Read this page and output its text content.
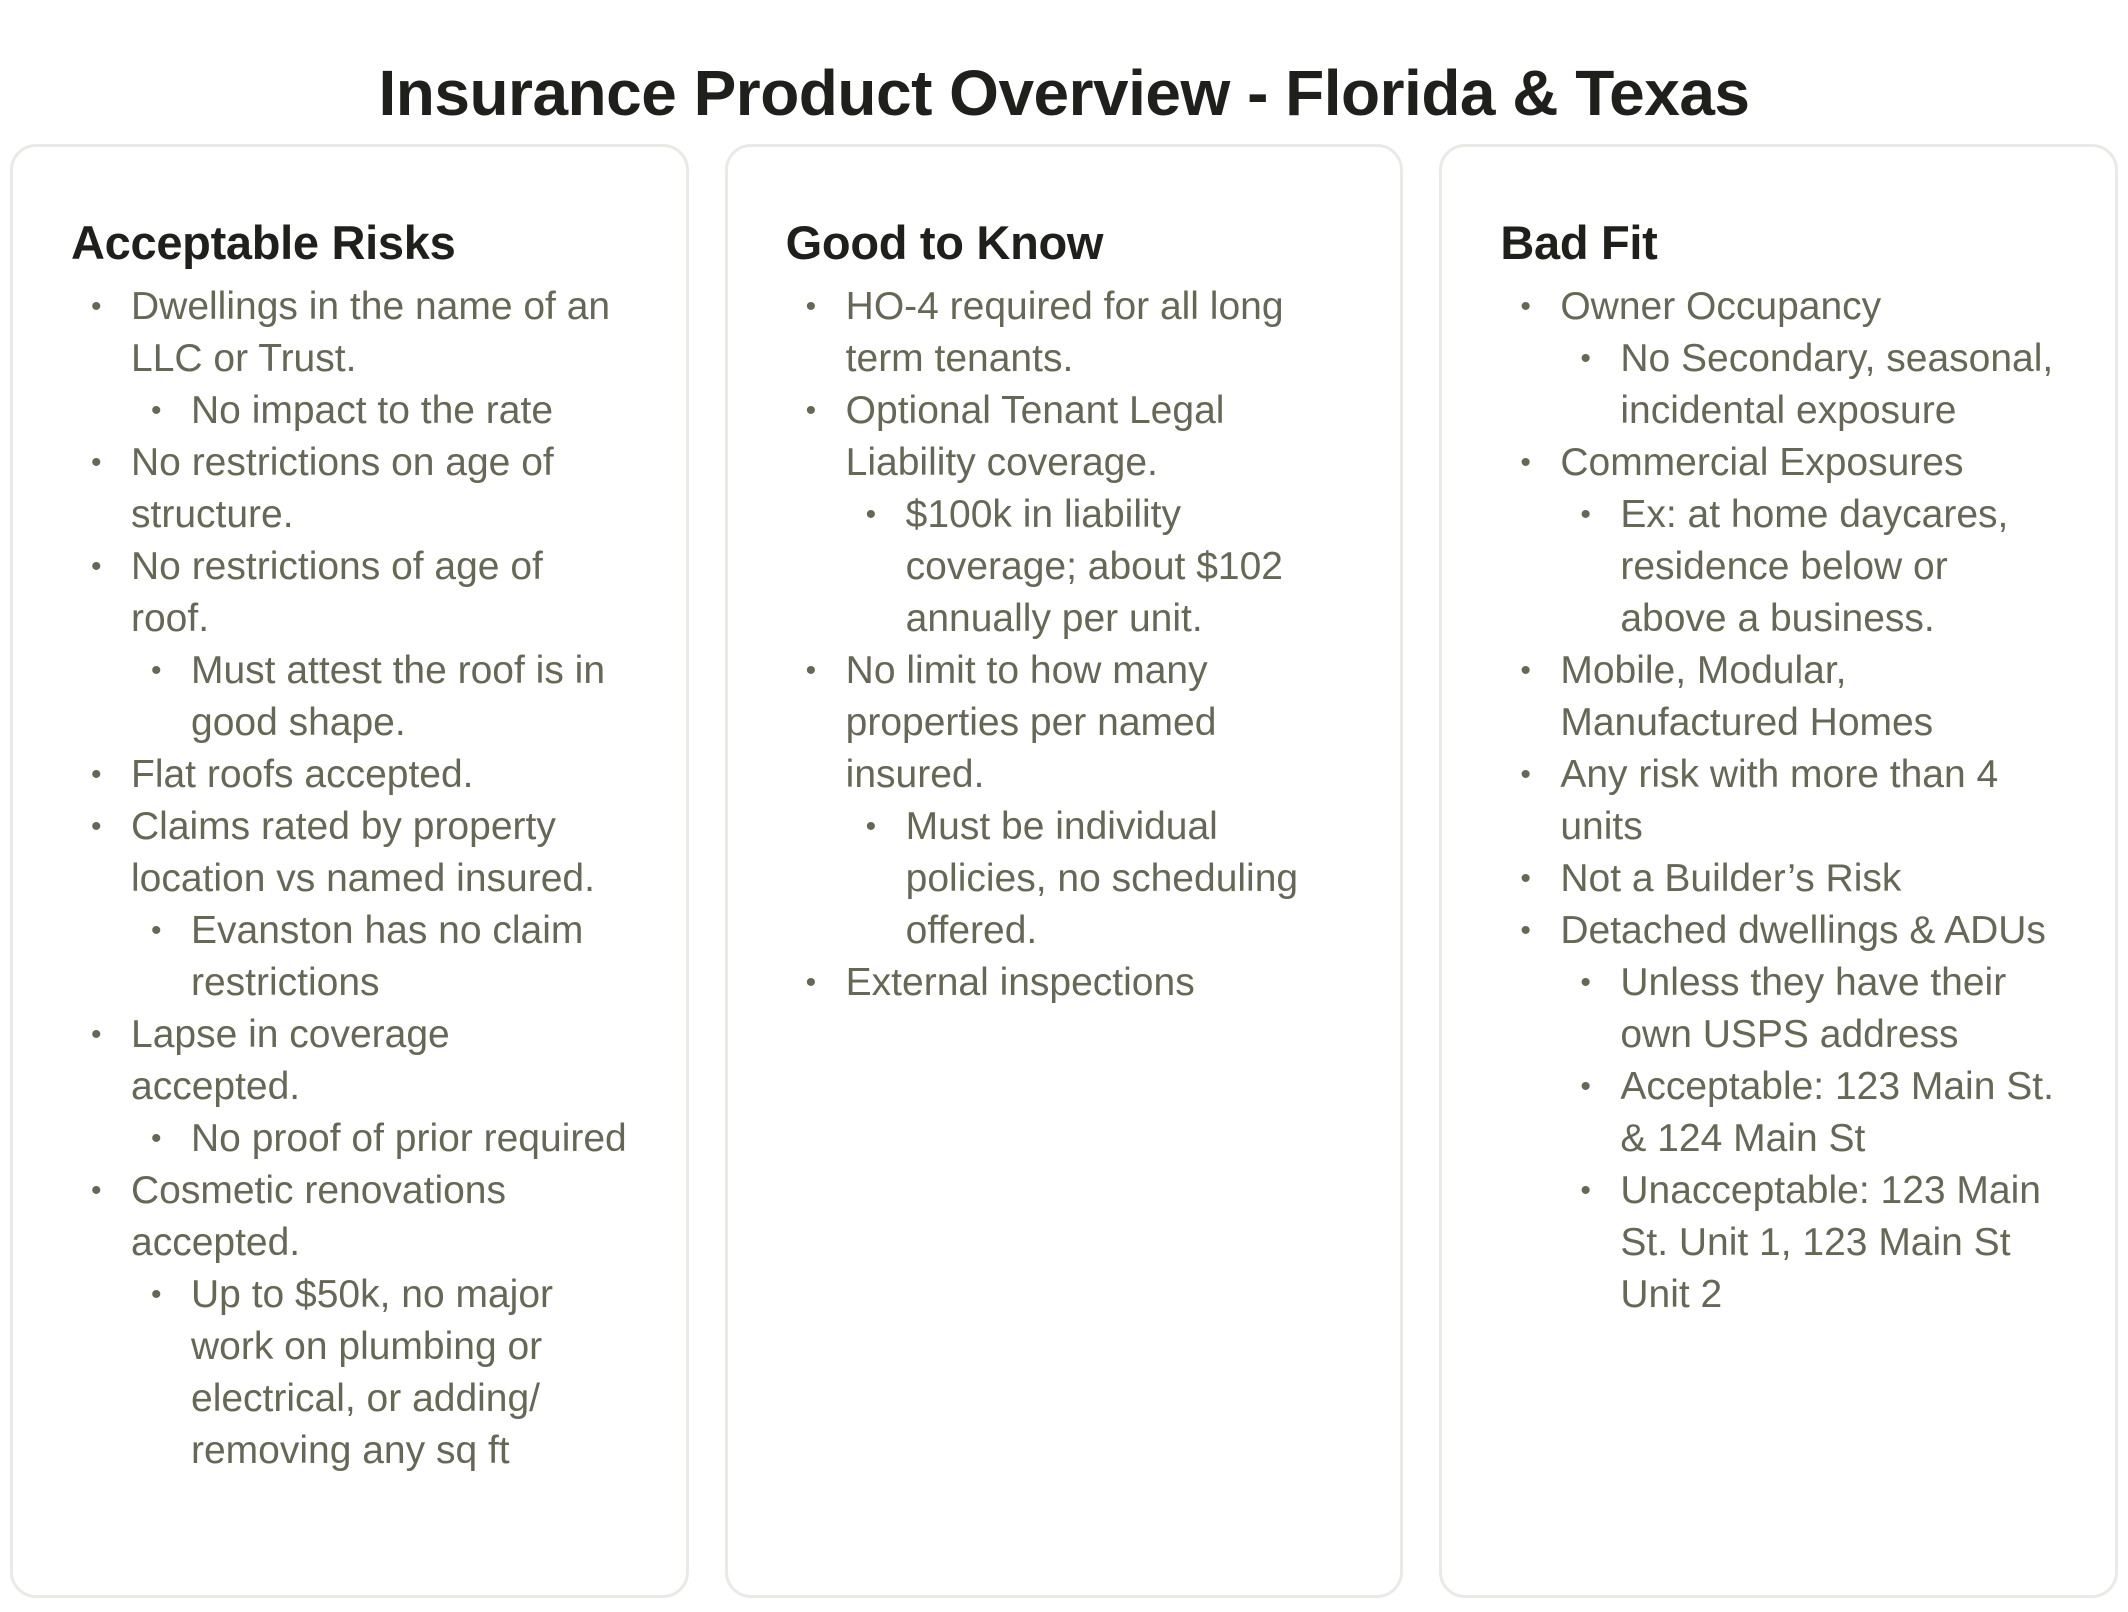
Insurance Product Overview - Florida & Texas
Acceptable Risks
• Dwellings in the name of an LLC or Trust.
• No impact to the rate
• No restrictions on age of structure.
• No restrictions of age of roof.
• Must attest the roof is in good shape.
• Flat roofs accepted.
• Claims rated by property location vs named insured.
• Evanston has no claim restrictions
• Lapse in coverage accepted.
• No proof of prior required
• Cosmetic renovations accepted.
• Up to $50k, no major work on plumbing or electrical, or adding/ removing any sq ft
Good to Know
• HO-4 required for all long term tenants.
• Optional Tenant Legal Liability coverage.
• $100k in liability coverage; about $102 annually per unit.
• No limit to how many properties per named insured.
• Must be individual policies, no scheduling offered.
• External inspections
Bad Fit
• Owner Occupancy
• No Secondary, seasonal, incidental exposure
• Commercial Exposures
• Ex: at home daycares, residence below or above a business.
• Mobile, Modular, Manufactured Homes
• Any risk with more than 4 units
• Not a Builder’s Risk
• Detached dwellings & ADUs
• Unless they have their own USPS address
• Acceptable: 123 Main St. & 124 Main St
• Unacceptable: 123 Main St. Unit 1, 123 Main St Unit 2
